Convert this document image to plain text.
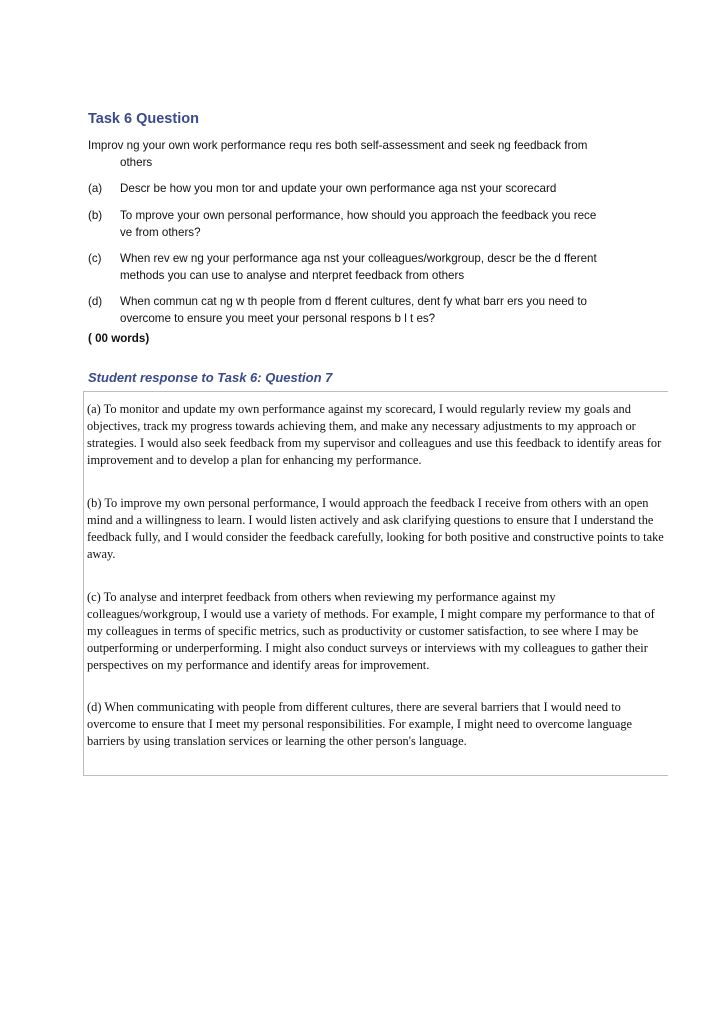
Task 6 Question
Improv ng your own work performance requ res both self-assessment and seek ng feedback from
others
(a) Descr be how you mon tor and update your own performance aga nst your scorecard
(b) To mprove your own personal performance, how should you approach the feedback you rece ve from others?
(c) When rev ew ng your performance aga nst your colleagues/workgroup, descr be the d fferent methods you can use to analyse and nterpret feedback from others
(d) When commun cat ng w th people from d fferent cultures, dent fy what barr ers you need to overcome to ensure you meet your personal respons b l t es?
( 00 words)
Student response to Task 6: Question 7
(a) To monitor and update my own performance against my scorecard, I would regularly review my goals and objectives, track my progress towards achieving them, and make any necessary adjustments to my approach or strategies. I would also seek feedback from my supervisor and colleagues and use this feedback to identify areas for improvement and to develop a plan for enhancing my performance.
(b) To improve my own personal performance, I would approach the feedback I receive from others with an open mind and a willingness to learn. I would listen actively and ask clarifying questions to ensure that I understand the feedback fully, and I would consider the feedback carefully, looking for both positive and constructive points to take away.
(c) To analyse and interpret feedback from others when reviewing my performance against my colleagues/workgroup, I would use a variety of methods. For example, I might compare my performance to that of my colleagues in terms of specific metrics, such as productivity or customer satisfaction, to see where I may be outperforming or underperforming. I might also conduct surveys or interviews with my colleagues to gather their perspectives on my performance and identify areas for improvement.
(d) When communicating with people from different cultures, there are several barriers that I would need to overcome to ensure that I meet my personal responsibilities. For example, I might need to overcome language barriers by using translation services or learning the other person's language.
